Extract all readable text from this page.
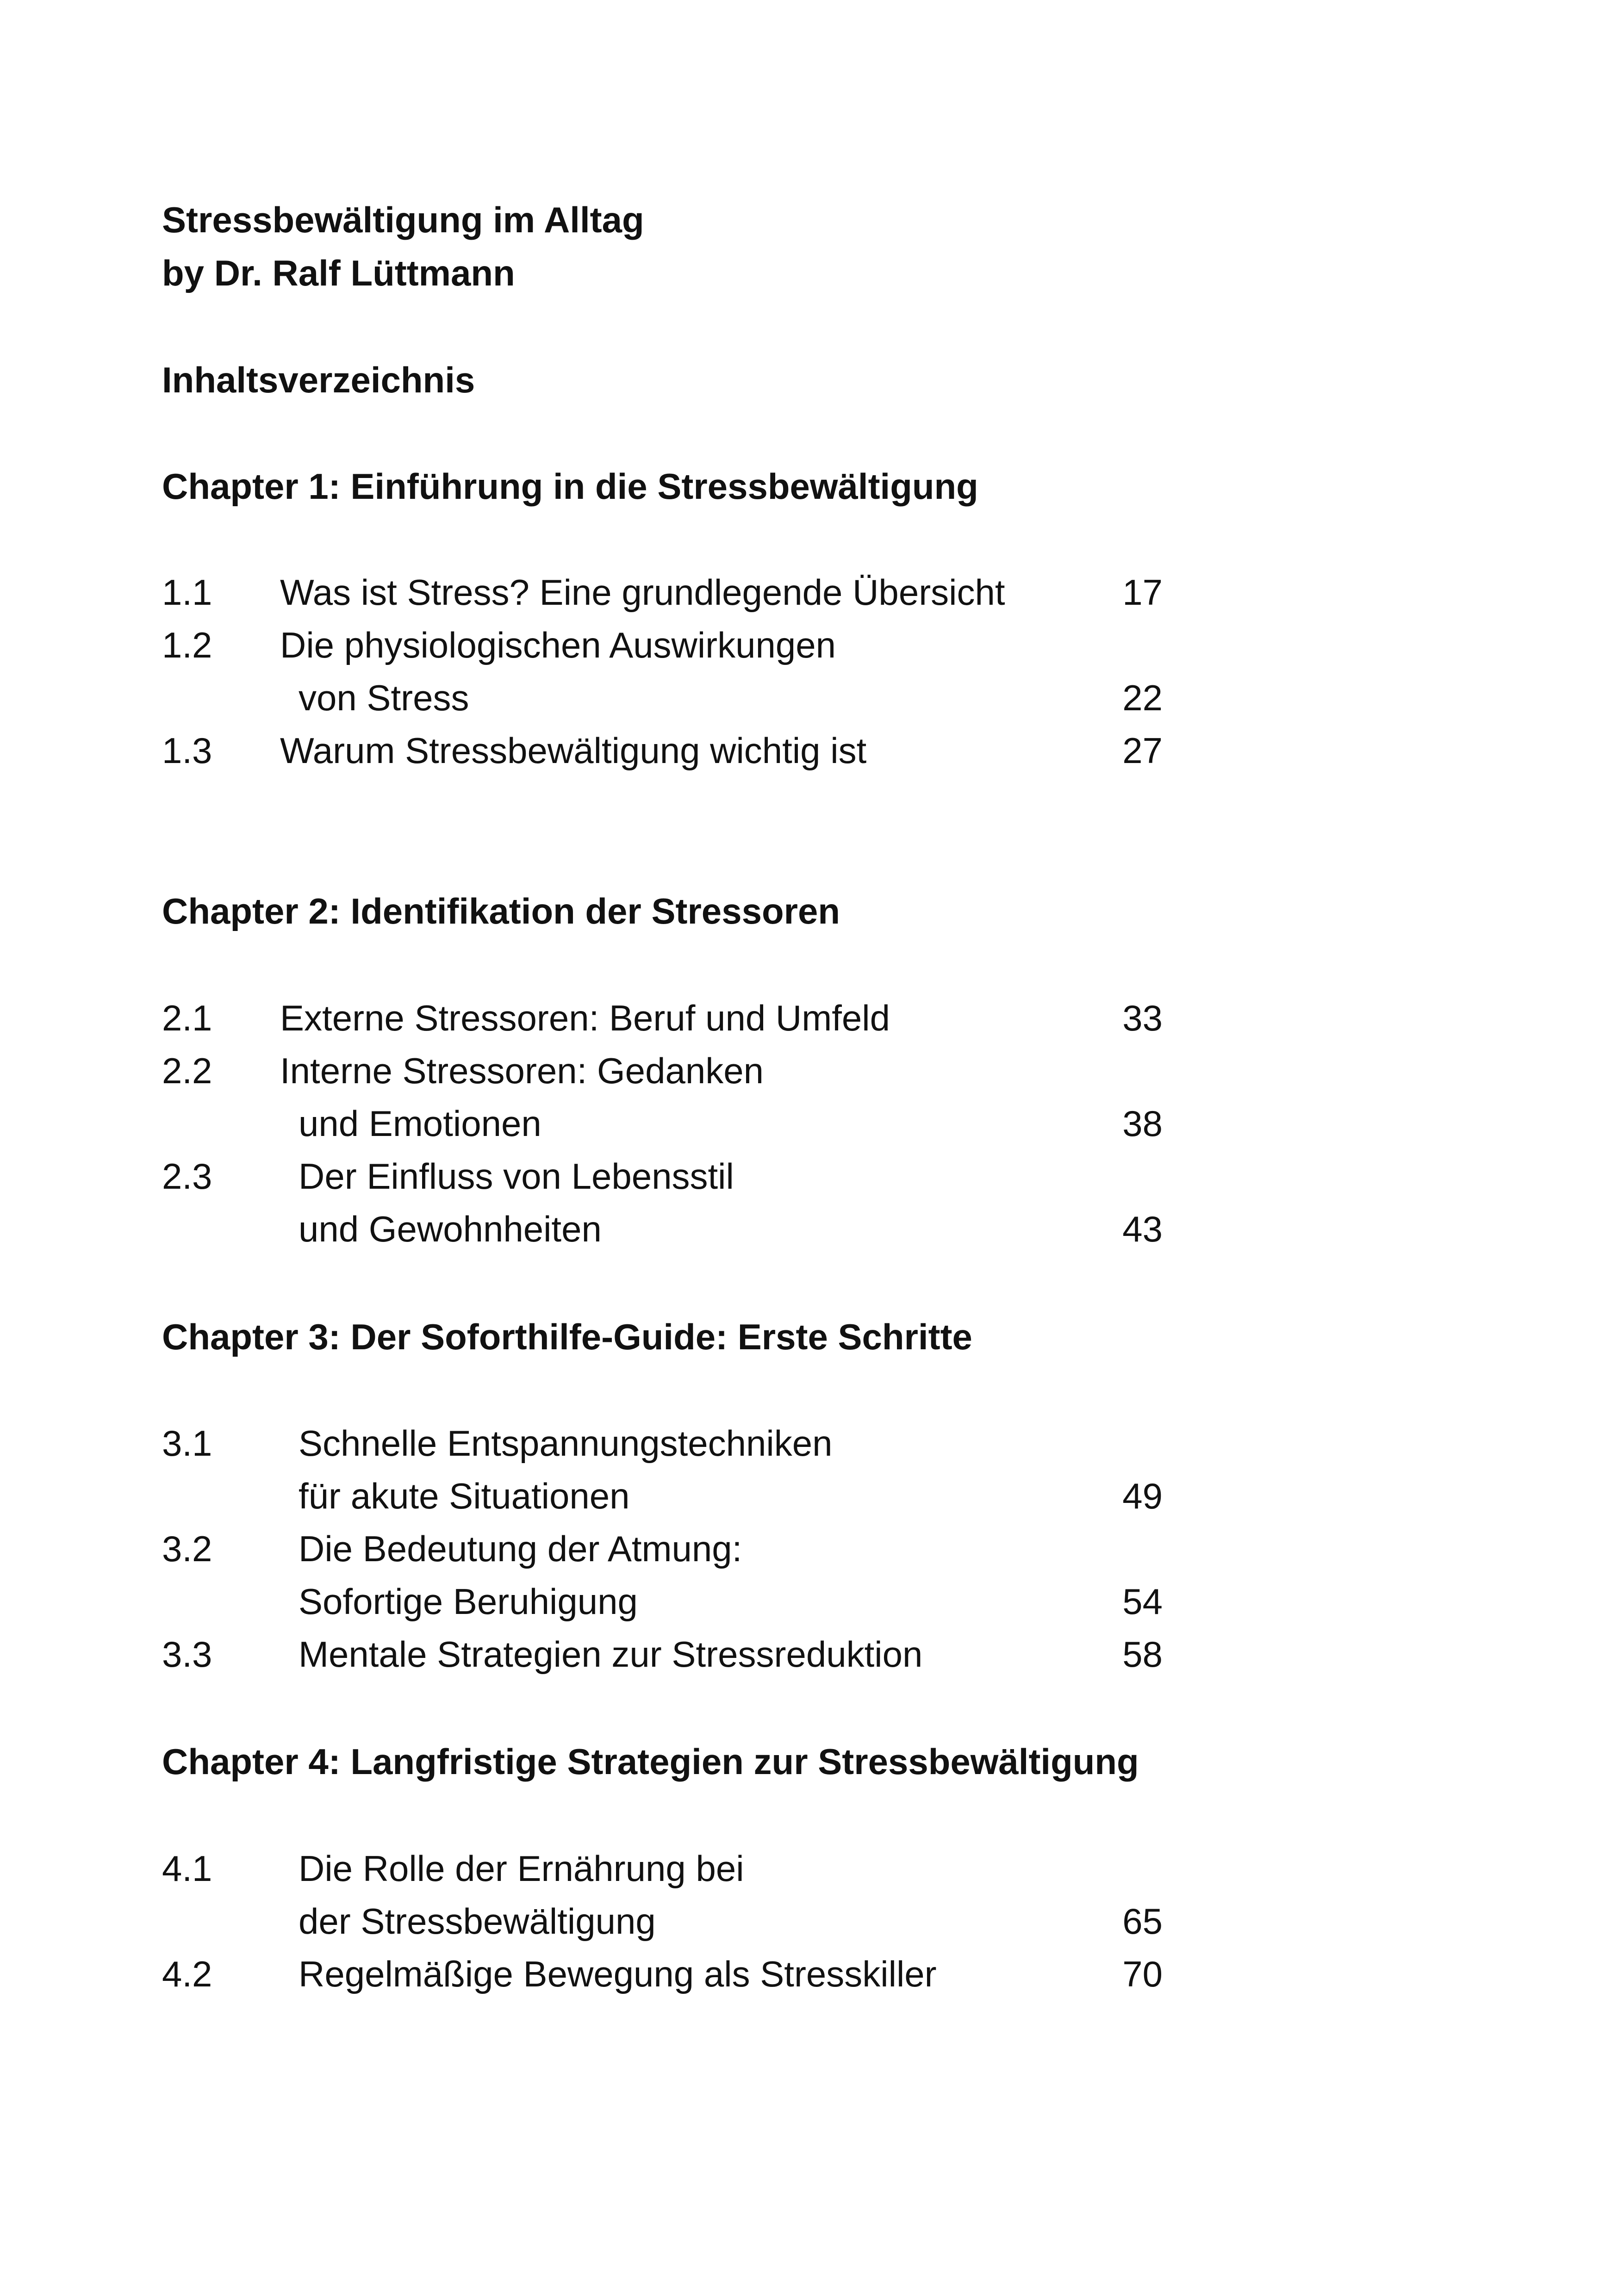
Stressbewältigung im Alltag
by Dr. Ralf Lüttmann
Inhaltsverzeichnis
Chapter 1: Einführung in die Stressbewältigung
1.1 Was ist Stress? Eine grundlegende Übersicht	17
1.2 Die physiologischen Auswirkungen
von Stress	22
1.3 Warum Stressbewältigung wichtig ist	27
Chapter 2: Identifikation der Stressoren
2.1 Externe Stressoren: Beruf und Umfeld	33
2.2 Interne Stressoren: Gedanken
und Emotionen	38
2.3 Der Einfluss von Lebensstil
und Gewohnheiten	43
Chapter 3: Der Soforthilfe-Guide: Erste Schritte
3.1 Schnelle Entspannungstechniken
für akute Situationen	49
3.2 Die Bedeutung der Atmung:
Sofortige Beruhigung	54
3.3 Mentale Strategien zur Stressreduktion	58
Chapter 4: Langfristige Strategien zur Stressbewältigung
4.1 Die Rolle der Ernährung bei
der Stressbewältigung	65
4.2 Regelmäßige Bewegung als Stresskiller	70
